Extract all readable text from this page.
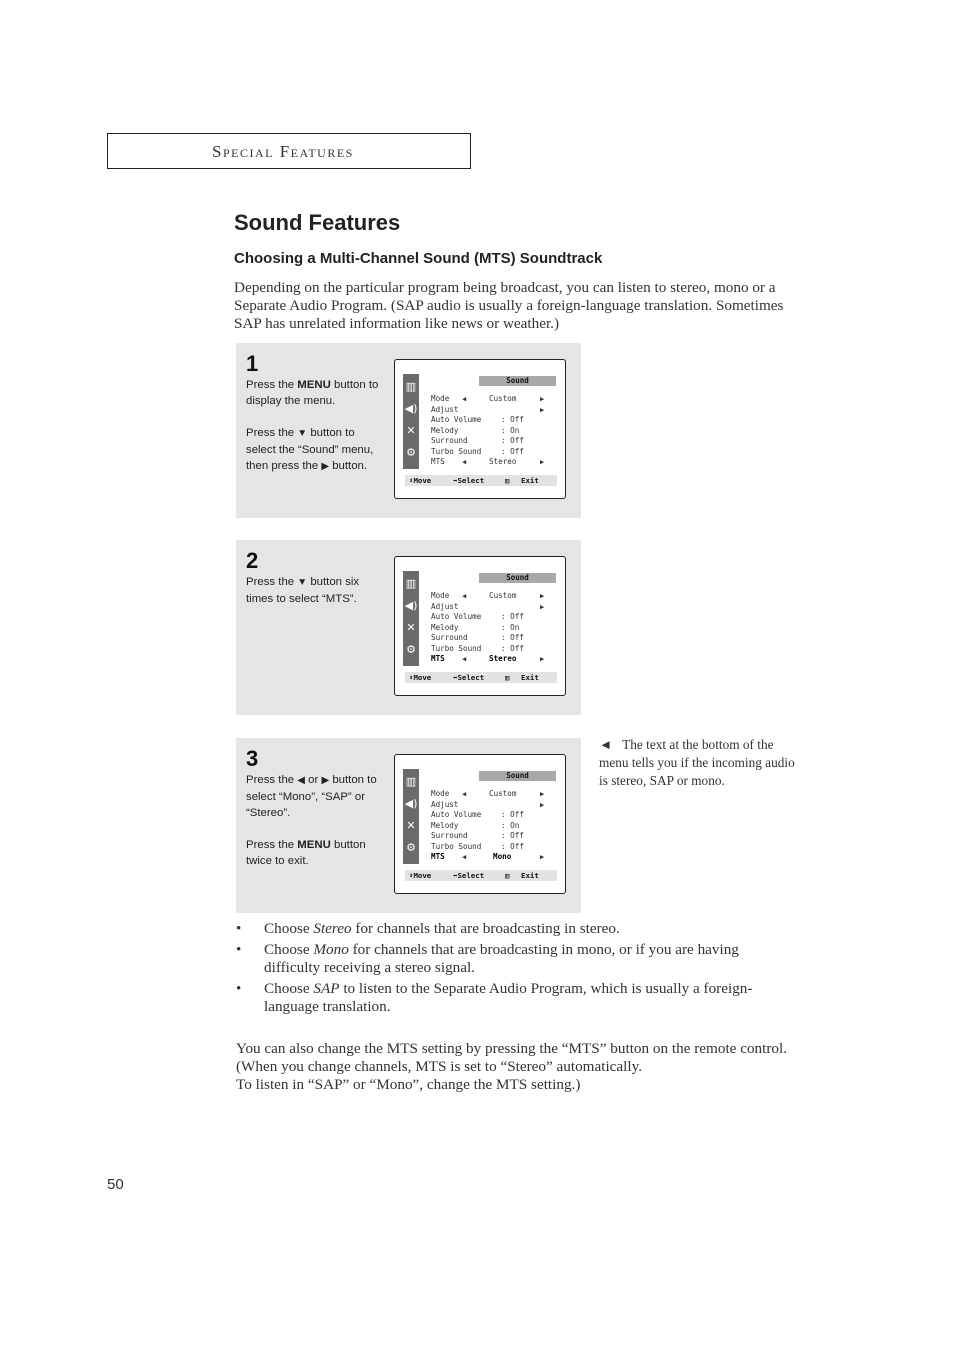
Special Features
Sound Features
Choosing a Multi-Channel Sound (MTS) Soundtrack
Depending on the particular program being broadcast, you can listen to stereo, mono or a Separate Audio Program. (SAP audio is usually a foreign-language translation. Sometimes SAP has unrelated information like news or weather.)
1

Press the MENU button to display the menu.

Press the ▼ button to select the “Sound” menu, then press the ▶ button.

▥
◀)
✕
⚙
Sound
Mode ◀	Custom	▶
Adjust	▶
Auto Volume	: Off
Melody	: On
Surround	: Off
Turbo Sound	: Off
MTS ◀	Stereo	▶
⬍Move	⬌Select	▥ Exit
2

Press the ▼ button six times to select “MTS”.

▥
◀)
✕
⚙
Sound
Mode ◀	Custom	▶
Adjust	▶
Auto Volume	: Off
Melody	: On
Surround	: Off
Turbo Sound	: Off
MTS ◀	Stereo	▶
⬍Move	⬌Select	▥ Exit
3

Press the ◀ or ▶ button to select “Mono”, “SAP” or “Stereo”.

Press the MENU button twice to exit.

▥
◀)
✕
⚙
Sound
Mode ◀	Custom	▶
Adjust	▶
Auto Volume	: Off
Melody	: On
Surround	: Off
Turbo Sound	: Off
MTS ◀	Mono	▶
⬍Move	⬌Select	▥ Exit
◄ The text at the bottom of the menu tells you if the incoming audio is stereo, SAP or mono.
• Choose Stereo for channels that are broadcasting in stereo.
• Choose Mono for channels that are broadcasting in mono, or if you are having difficulty receiving a stereo signal.
• Choose SAP to listen to the Separate Audio Program, which is usually a foreign-language translation.
You can also change the MTS setting by pressing the “MTS” button on the remote control. (When you change channels, MTS is set to “Stereo” automatically.
To listen in “SAP” or “Mono”, change the MTS setting.)
50
